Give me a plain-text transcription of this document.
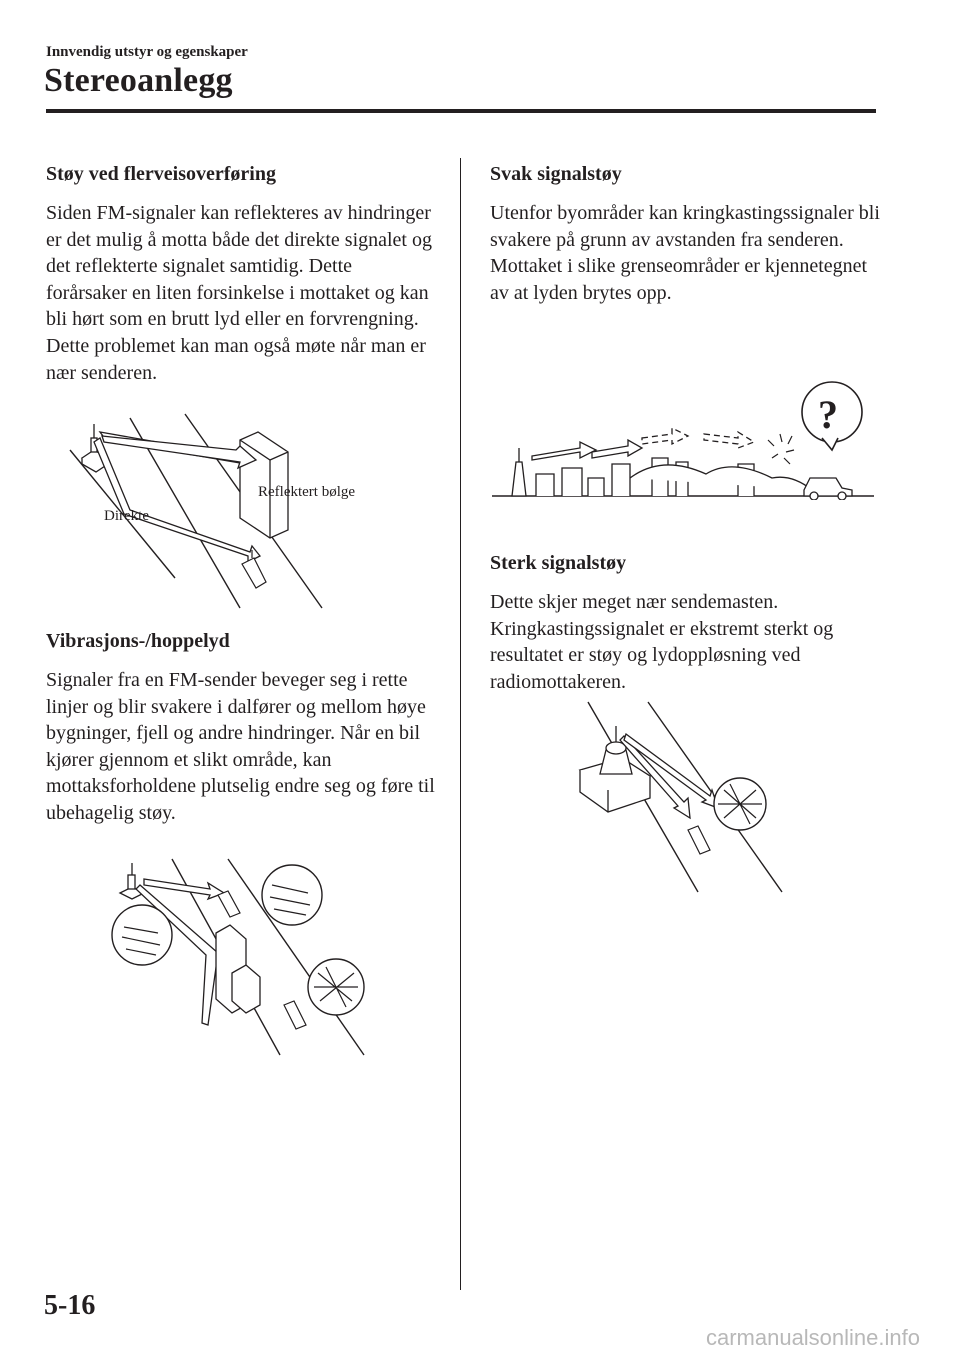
Innvendig utstyr og egenskaper
Stereoanlegg
Støy ved flerveisoverføring
Siden FM-signaler kan reflekteres av hindringer er det mulig å motta både det direkte signalet og det reflekterte signalet samtidig. Dette forårsaker en liten forsinkelse i mottaket og kan bli hørt som en brutt lyd eller en forvrengning. Dette problemet kan man også møte når man er nær senderen.
Direkte
Reflektert bølge
Vibrasjons-/hoppelyd
Signaler fra en FM-sender beveger seg i rette linjer og blir svakere i dalfører og mellom høye bygninger, fjell og andre hindringer. Når en bil kjører gjennom et slikt område, kan mottaksforholdene plutselig endre seg og føre til ubehagelig støy.
Svak signalstøy
Utenfor byområder kan kringkastingssignaler bli svakere på grunn av avstanden fra senderen. Mottaket i slike grenseområder er kjennetegnet av at lyden brytes opp.
?
Sterk signalstøy
Dette skjer meget nær sendemasten. Kringkastingssignalet er ekstremt sterkt og resultatet er støy og lydoppløsning ved radiomottakeren.
5-16
carmanualsonline.info
